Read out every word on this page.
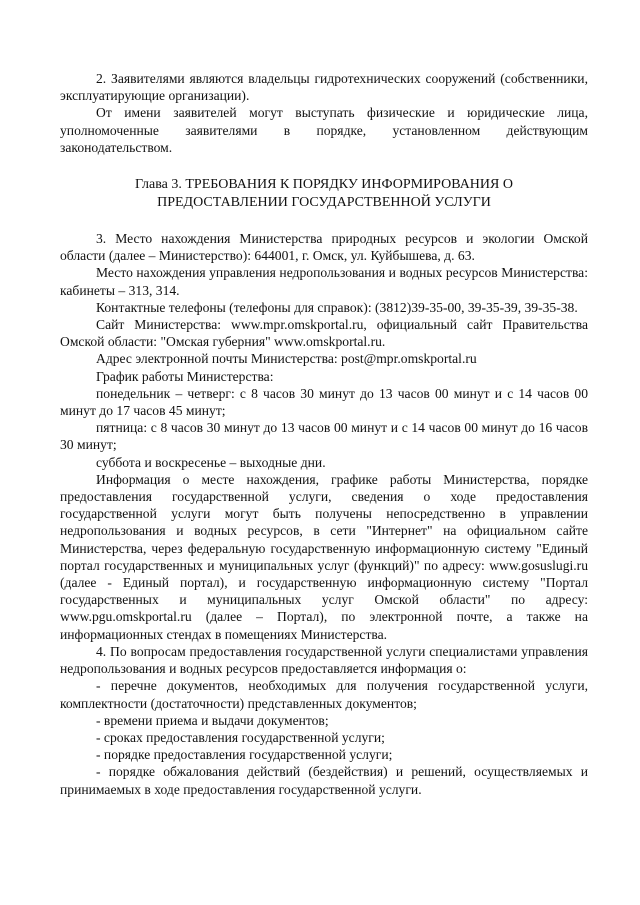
2. Заявителями являются владельцы гидротехнических сооружений (собственники, эксплуатирующие организации).

От имени заявителей могут выступать физические и юридические лица, уполномоченные заявителями в порядке, установленном действующим законодательством.

Глава 3. ТРЕБОВАНИЯ К ПОРЯДКУ ИНФОРМИРОВАНИЯ О

ПРЕДОСТАВЛЕНИИ ГОСУДАРСТВЕННОЙ УСЛУГИ

3. Место нахождения Министерства природных ресурсов и экологии Омской области (далее – Министерство): 644001, г. Омск, ул. Куйбышева, д. 63.

Место нахождения управления недропользования и водных ресурсов Министерства: кабинеты – 313, 314.

Контактные телефоны (телефоны для справок): (3812)39-35-00, 39-35-39, 39-35-38.

Сайт Министерства: www.mpr.omskportal.ru, официальный сайт Правительства Омской области: "Омская губерния" www.omskportal.ru.

Адрес электронной почты Министерства: post@mpr.omskportal.ru

График работы Министерства:

понедельник – четверг: с 8 часов 30 минут до 13 часов 00 минут и с 14 часов 00 минут до 17 часов 45 минут;

пятница: с 8 часов 30 минут до 13 часов 00 минут и с 14 часов 00 минут до 16 часов 30 минут;

суббота и воскресенье – выходные дни.

Информация о месте нахождения, графике работы Министерства, порядке предоставления государственной услуги, сведения о ходе предоставления государственной услуги могут быть получены непосредственно в управлении недропользования и водных ресурсов, в сети "Интернет" на официальном сайте Министерства, через федеральную государственную информационную систему "Единый портал государственных и муниципальных услуг (функций)" по адресу: www.gosuslugi.ru (далее - Единый портал), и государственную информационную систему "Портал государственных и муниципальных услуг Омской области" по адресу: www.pgu.omskportal.ru (далее – Портал), по электронной почте, а также на информационных стендах в помещениях Министерства.

4. По вопросам предоставления государственной услуги специалистами управления недропользования и водных ресурсов предоставляется информация о:

- перечне документов, необходимых для получения государственной услуги, комплектности (достаточности) представленных документов;

- времени приема и выдачи документов;

- сроках предоставления государственной услуги;

- порядке предоставления государственной услуги;

- порядке обжалования действий (бездействия) и решений, осуществляемых и принимаемых в ходе предоставления государственной услуги.
